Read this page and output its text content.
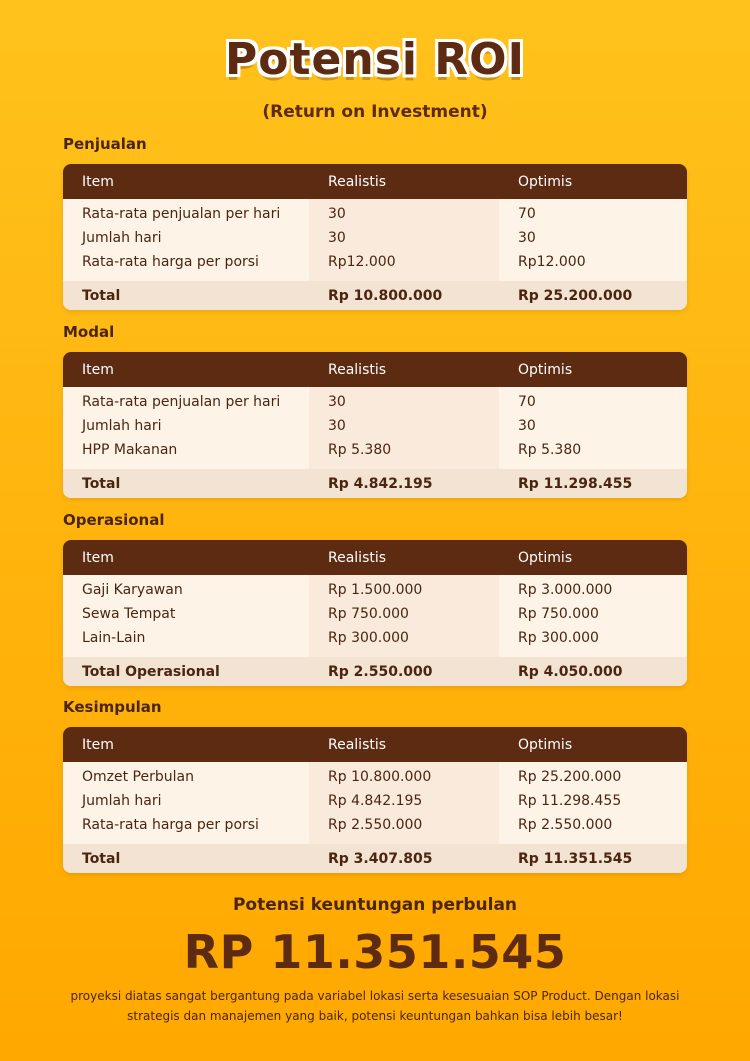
Potensi ROI
(Return on Investment)
Penjualan
Item	Realistis	Optimis
Rata-rata penjualan per hari	30	70
Jumlah hari	30	30
Rata-rata harga per porsi	Rp12.000	Rp12.000
Total	Rp 10.800.000	Rp 25.200.000
Modal
Item	Realistis	Optimis
Rata-rata penjualan per hari	30	70
Jumlah hari	30	30
HPP Makanan	Rp 5.380	Rp 5.380
Total	Rp 4.842.195	Rp 11.298.455
Operasional
Item	Realistis	Optimis
Gaji Karyawan	Rp 1.500.000	Rp 3.000.000
Sewa Tempat	Rp 750.000	Rp 750.000
Lain-Lain	Rp 300.000	Rp 300.000
Total Operasional	Rp 2.550.000	Rp 4.050.000
Kesimpulan
Item	Realistis	Optimis
Omzet Perbulan	Rp 10.800.000	Rp 25.200.000
Jumlah hari	Rp 4.842.195	Rp 11.298.455
Rata-rata harga per porsi	Rp 2.550.000	Rp 2.550.000
Total	Rp 3.407.805	Rp 11.351.545
Potensi keuntungan perbulan
RP 11.351.545
proyeksi diatas sangat bergantung pada variabel lokasi serta kesesuaian SOP Product. Dengan lokasi strategis dan manajemen yang baik, potensi keuntungan bahkan bisa lebih besar!
